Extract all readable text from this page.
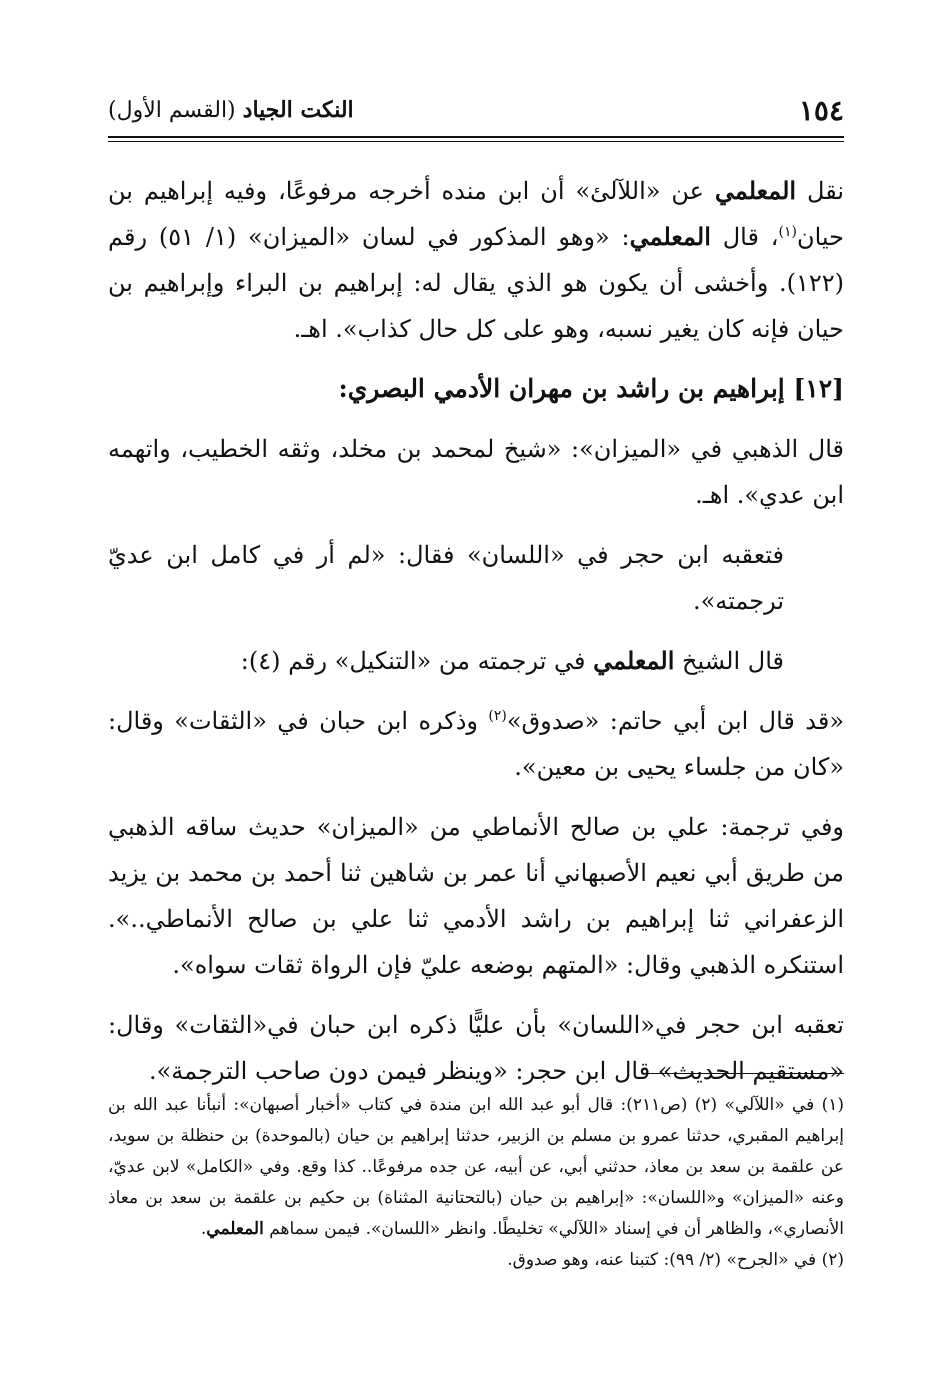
١٥٤
النكت الجياد (القسم الأول)

نقل المعلمي عن «اللآلئ» أن ابن منده أخرجه مرفوعًا، وفيه إبراهيم بن حيان$^{(١)}$، قال المعلمي: «وهو المذكور في لسان «الميزان» (١/ ٥١) رقم (١٢٢). وأخشى أن يكون هو الذي يقال له: إبراهيم بن البراء وإبراهيم بن حيان فإنه كان يغير نسبه، وهو على كل حال كذاب». اهـ.

[١٢] إبراهيم بن راشد بن مهران الأدمي البصري:

قال الذهبي في «الميزان»: «شيخ لمحمد بن مخلد، وثقه الخطيب، واتهمه ابن عدي». اهـ.

فتعقبه ابن حجر في «اللسان» فقال: «لم أر في كامل ابن عديّ ترجمته».

قال الشيخ المعلمي في ترجمته من «التنكيل» رقم (٤):

«قد قال ابن أبي حاتم: «صدوق»$^{(٢)}$ وذكره ابن حبان في «الثقات» وقال: «كان من جلساء يحيى بن معين».

وفي ترجمة: علي بن صالح الأنماطي من «الميزان» حديث ساقه الذهبي من طريق أبي نعيم الأصبهاني أنا عمر بن شاهين ثنا أحمد بن محمد بن يزيد الزعفراني ثنا إبراهيم بن راشد الأدمي ثنا علي بن صالح الأنماطي..». استنكره الذهبي وقال: «المتهم بوضعه عليّ فإن الرواة ثقات سواه».

تعقبه ابن حجر في«اللسان» بأن عليًّا ذكره ابن حبان في«الثقات» وقال: «مستقيم الحديث» قال ابن حجر: «وينظر فيمن دون صاحب الترجمة».

(١) في «اللآلي» (٢) (ص٢١١): قال أبو عبد الله ابن مندة في كتاب «أخبار أصبهان»: أنبأنا عبد الله بن إبراهيم المقبري، حدثنا عمرو بن مسلم بن الزبير، حدثنا إبراهيم بن حيان (بالموحدة) بن حنظلة بن سويد، عن علقمة بن سعد بن معاذ، حدثني أبي، عن أبيه، عن جده مرفوعًا.. كذا وقع. وفي «الكامل» لابن عديّ، وعنه «الميزان» و«اللسان»: «إبراهيم بن حيان (بالتحتانية المثناة) بن حكيم بن علقمة بن سعد بن معاذ الأنصاري»، والظاهر أن في إسناد «اللآلي» تخليطًا. وانظر «اللسان». فيمن سماهم المعلمي.

(٢) في «الجرح» (٢/ ٩٩): كتبنا عنه، وهو صدوق.
